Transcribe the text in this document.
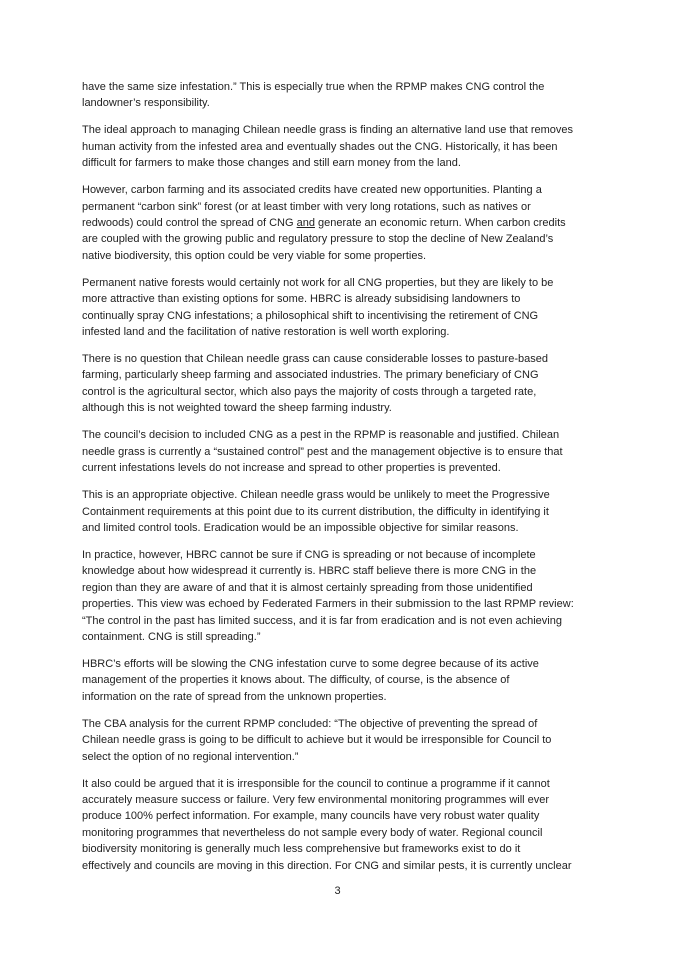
have the same size infestation.” This is especially true when the RPMP makes CNG control the
landowner’s responsibility.
The ideal approach to managing Chilean needle grass is finding an alternative land use that removes
human activity from the infested area and eventually shades out the CNG. Historically, it has been
difficult for farmers to make those changes and still earn money from the land.
However, carbon farming and its associated credits have created new opportunities. Planting a
permanent “carbon sink” forest (or at least timber with very long rotations, such as natives or
redwoods) could control the spread of CNG and generate an economic return. When carbon credits
are coupled with the growing public and regulatory pressure to stop the decline of New Zealand’s
native biodiversity, this option could be very viable for some properties.
Permanent native forests would certainly not work for all CNG properties, but they are likely to be
more attractive than existing options for some. HBRC is already subsidising landowners to
continually spray CNG infestations; a philosophical shift to incentivising the retirement of CNG
infested land and the facilitation of native restoration is well worth exploring.
There is no question that Chilean needle grass can cause considerable losses to pasture-based
farming, particularly sheep farming and associated industries. The primary beneficiary of CNG
control is the agricultural sector, which also pays the majority of costs through a targeted rate,
although this is not weighted toward the sheep farming industry.
The council’s decision to included CNG as a pest in the RPMP is reasonable and justified. Chilean
needle grass is currently a “sustained control” pest and the management objective is to ensure that
current infestations levels do not increase and spread to other properties is prevented.
This is an appropriate objective. Chilean needle grass would be unlikely to meet the Progressive
Containment requirements at this point due to its current distribution, the difficulty in identifying it
and limited control tools. Eradication would be an impossible objective for similar reasons.
In practice, however, HBRC cannot be sure if CNG is spreading or not because of incomplete
knowledge about how widespread it currently is. HBRC staff believe there is more CNG in the
region than they are aware of and that it is almost certainly spreading from those unidentified
properties. This view was echoed by Federated Farmers in their submission to the last RPMP review:
“The control in the past has limited success, and it is far from eradication and is not even achieving
containment. CNG is still spreading.”
HBRC’s efforts will be slowing the CNG infestation curve to some degree because of its active
management of the properties it knows about. The difficulty, of course, is the absence of
information on the rate of spread from the unknown properties.
The CBA analysis for the current RPMP concluded: “The objective of preventing the spread of
Chilean needle grass is going to be difficult to achieve but it would be irresponsible for Council to
select the option of no regional intervention.”
It also could be argued that it is irresponsible for the council to continue a programme if it cannot
accurately measure success or failure. Very few environmental monitoring programmes will ever
produce 100% perfect information. For example, many councils have very robust water quality
monitoring programmes that nevertheless do not sample every body of water. Regional council
biodiversity monitoring is generally much less comprehensive but frameworks exist to do it
effectively and councils are moving in this direction. For CNG and similar pests, it is currently unclear
3
